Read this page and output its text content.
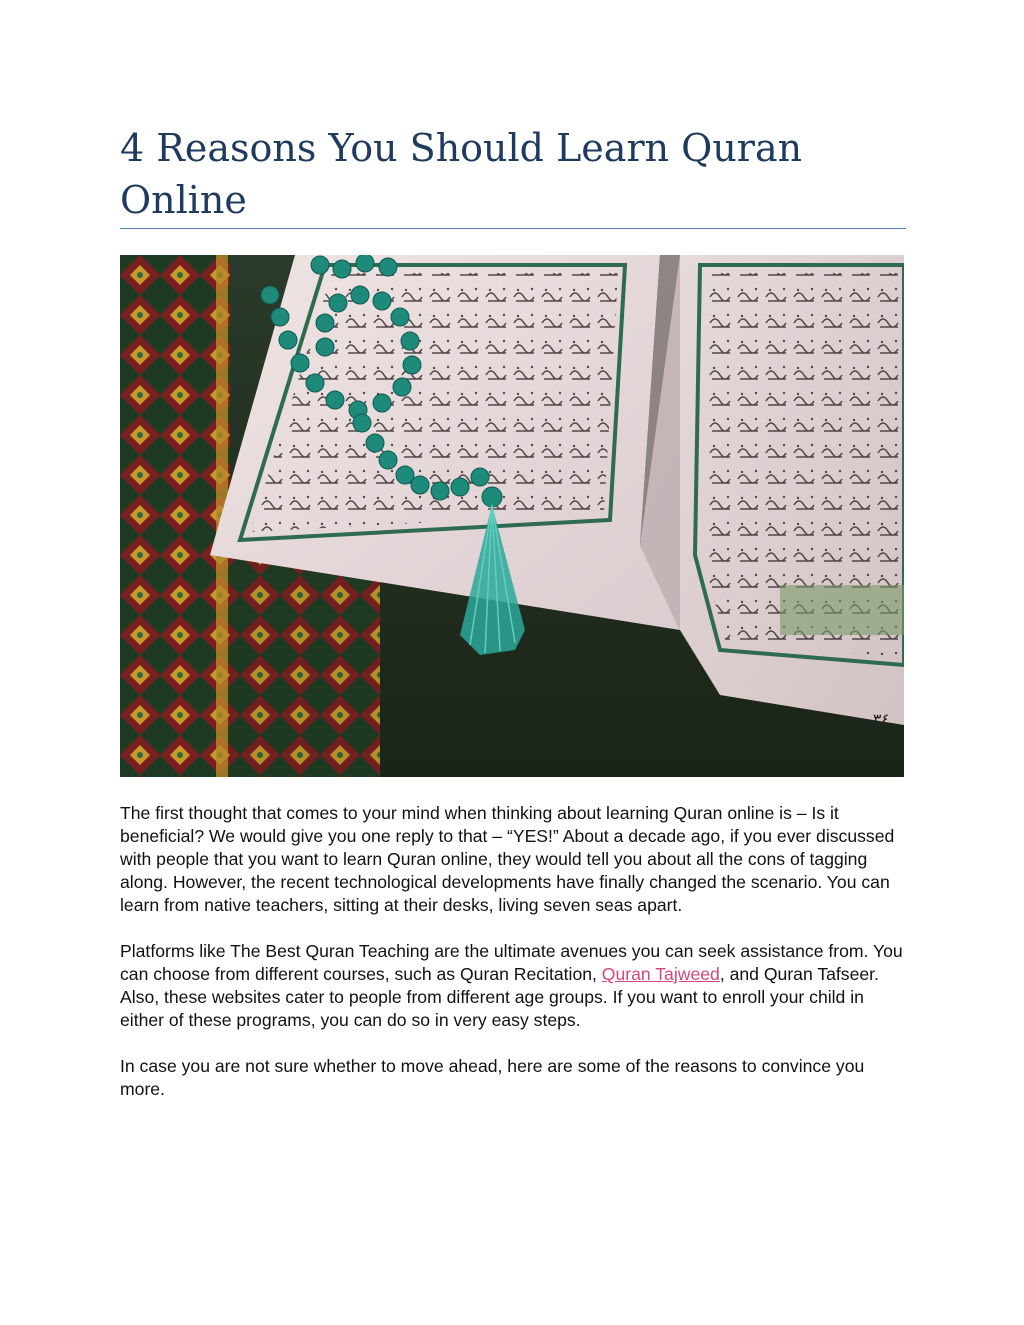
4 Reasons You Should Learn Quran Online
٣٤

The first thought that comes to your mind when thinking about learning Quran online is – Is it beneficial? We would give you one reply to that – “YES!” About a decade ago, if you ever discussed with people that you want to learn Quran online, they would tell you about all the cons of tagging along. However, the recent technological developments have finally changed the scenario. You can learn from native teachers, sitting at their desks, living seven seas apart.

Platforms like The Best Quran Teaching are the ultimate avenues you can seek assistance from. You can choose from different courses, such as Quran Recitation, Quran Tajweed, and Quran Tafseer. Also, these websites cater to people from different age groups. If you want to enroll your child in either of these programs, you can do so in very easy steps.

In case you are not sure whether to move ahead, here are some of the reasons to convince you more.
